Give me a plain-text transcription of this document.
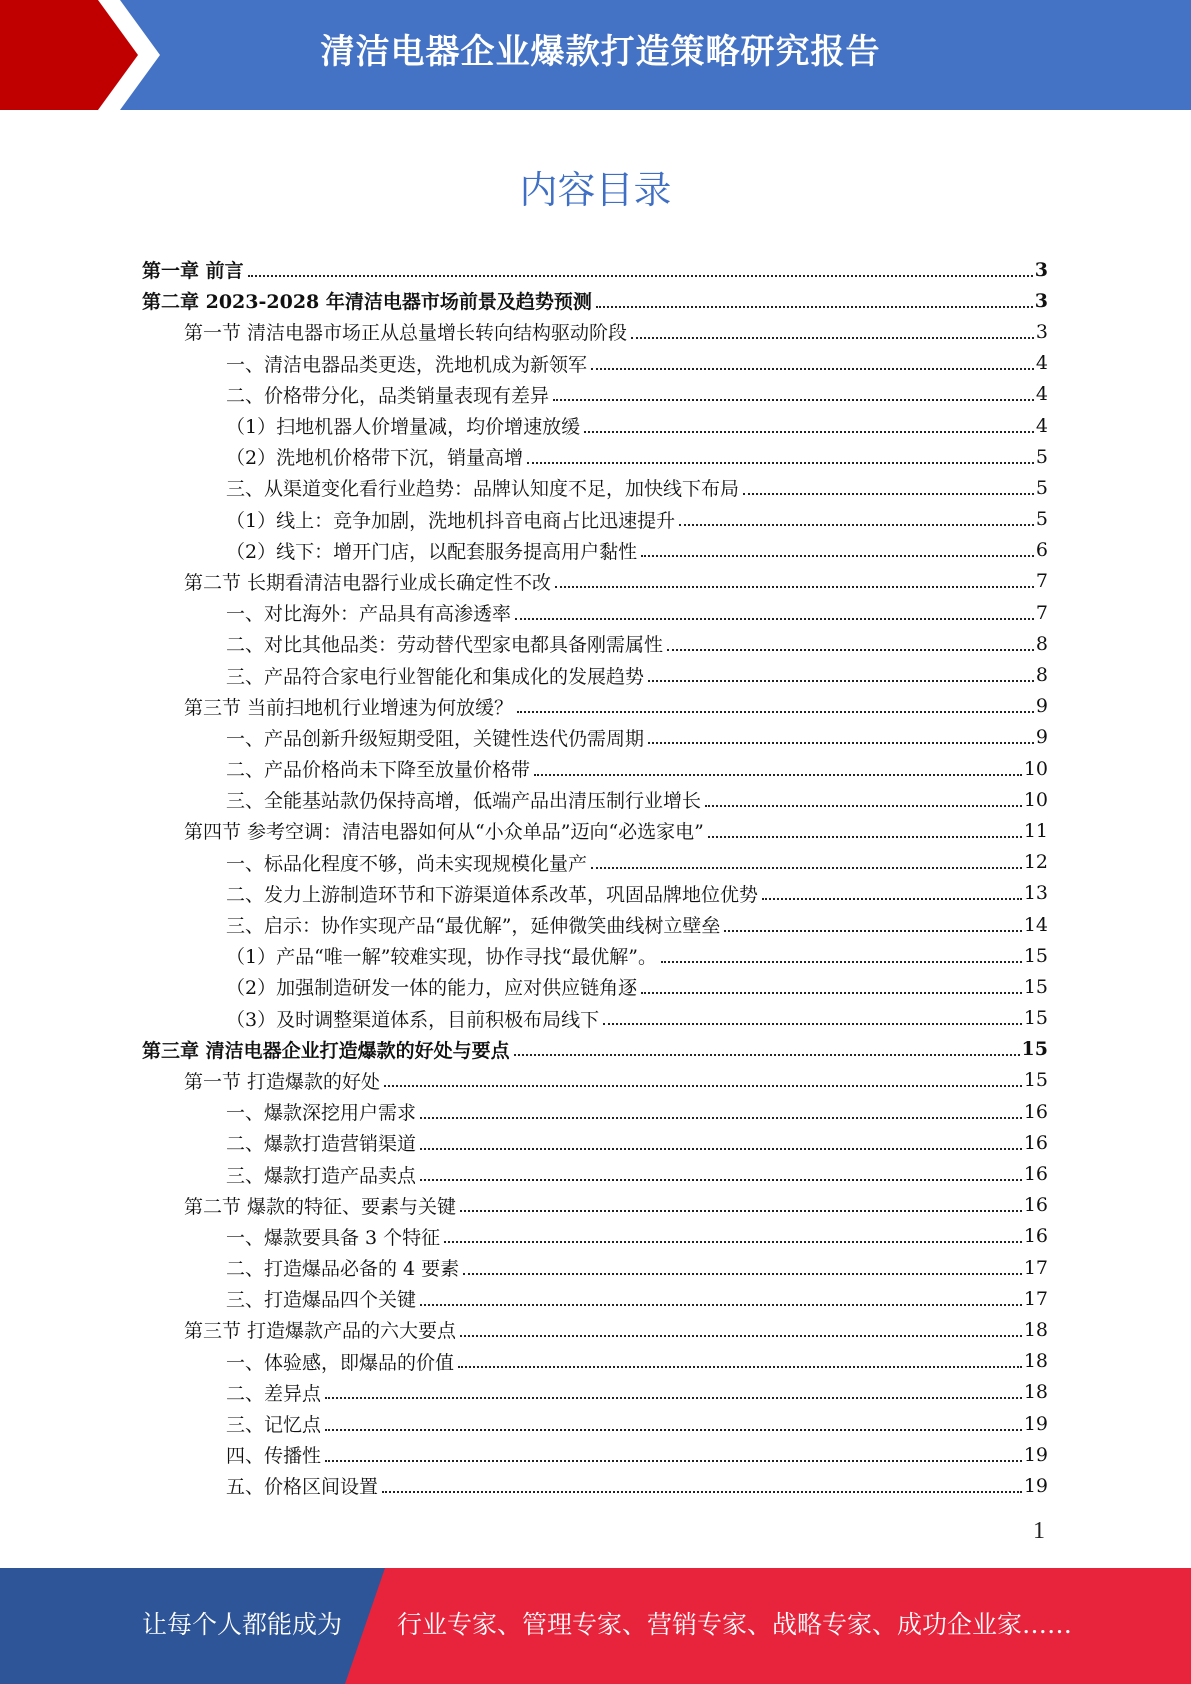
清洁电器企业爆款打造策略研究报告
内容目录
第一章 前言	3
第二章 2023-2028 年清洁电器市场前景及趋势预测	3
第一节 清洁电器市场正从总量增长转向结构驱动阶段	3
一、清洁电器品类更迭，洗地机成为新领军	4
二、价格带分化，品类销量表现有差异	4
（1）扫地机器人价增量减，均价增速放缓	4
（2）洗地机价格带下沉，销量高增	5
三、从渠道变化看行业趋势：品牌认知度不足，加快线下布局	5
（1）线上：竞争加剧，洗地机抖音电商占比迅速提升	5
（2）线下：增开门店，以配套服务提高用户黏性	6
第二节 长期看清洁电器行业成长确定性不改	7
一、对比海外：产品具有高渗透率	7
二、对比其他品类：劳动替代型家电都具备刚需属性	8
三、产品符合家电行业智能化和集成化的发展趋势	8
第三节 当前扫地机行业增速为何放缓？	9
一、产品创新升级短期受阻，关键性迭代仍需周期	9
二、产品价格尚未下降至放量价格带	10
三、全能基站款仍保持高增，低端产品出清压制行业增长	10
第四节 参考空调：清洁电器如何从“小众单品”迈向“必选家电”	11
一、标品化程度不够，尚未实现规模化量产	12
二、发力上游制造环节和下游渠道体系改革，巩固品牌地位优势	13
三、启示：协作实现产品“最优解”，延伸微笑曲线树立壁垒	14
（1）产品“唯一解”较难实现，协作寻找“最优解”。	15
（2）加强制造研发一体的能力，应对供应链角逐	15
（3）及时调整渠道体系，目前积极布局线下	15
第三章 清洁电器企业打造爆款的好处与要点	15
第一节 打造爆款的好处	15
一、爆款深挖用户需求	16
二、爆款打造营销渠道	16
三、爆款打造产品卖点	16
第二节 爆款的特征、要素与关键	16
一、爆款要具备 3 个特征	16
二、打造爆品必备的 4 要素	17
三、打造爆品四个关键	17
第三节 打造爆款产品的六大要点	18
一、体验感，即爆品的价值	18
二、差异点	18
三、记忆点	19
四、传播性	19
五、价格区间设置	19
1
让每个人都能成为 行业专家、管理专家、营销专家、战略专家、成功企业家……
